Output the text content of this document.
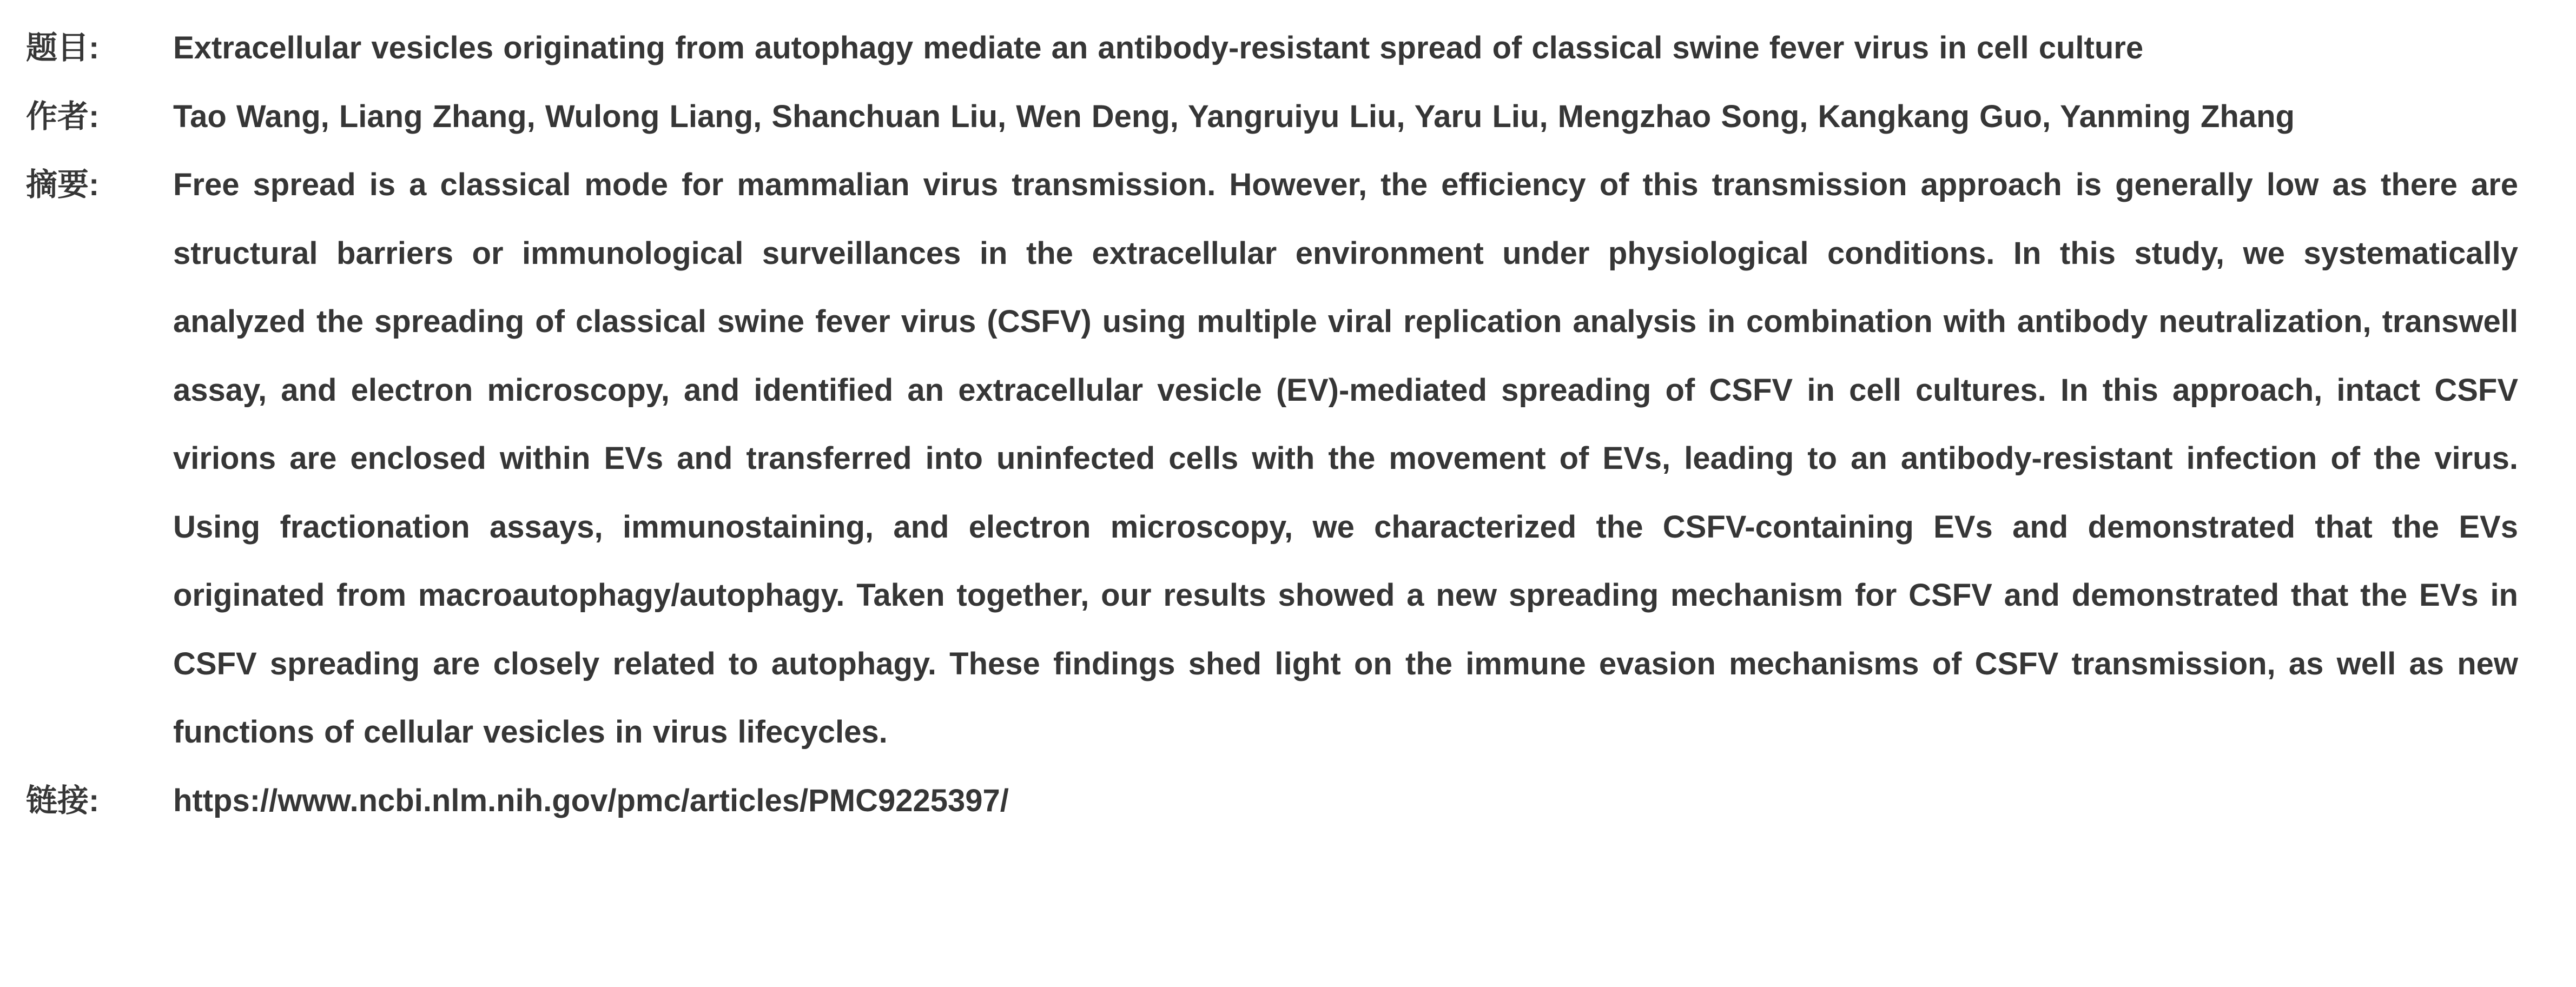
题目:	Extracellular vesicles originating from autophagy mediate an antibody-resistant spread of classical swine fever virus in cell culture

作者:	Tao Wang, Liang Zhang, Wulong Liang, Shanchuan Liu, Wen Deng, Yangruiyu Liu, Yaru Liu, Mengzhao Song, Kangkang Guo, Yanming Zhang

摘要:	Free spread is a classical mode for mammalian virus transmission. However, the efficiency of this transmission approach is generally low as there are structural barriers or immunological surveillances in the extracellular environment under physiological conditions. In this study, we systematically analyzed the spreading of classical swine fever virus (CSFV) using multiple viral replication analysis in combination with antibody neutralization, transwell assay, and electron microscopy, and identified an extracellular vesicle (EV)-mediated spreading of CSFV in cell cultures. In this approach, intact CSFV virions are enclosed within EVs and transferred into uninfected cells with the movement of EVs, leading to an antibody-resistant infection of the virus. Using fractionation assays, immunostaining, and electron microscopy, we characterized the CSFV-containing EVs and demonstrated that the EVs originated from macroautophagy/autophagy. Taken together, our results showed a new spreading mechanism for CSFV and demonstrated that the EVs in CSFV spreading are closely related to autophagy. These findings shed light on the immune evasion mechanisms of CSFV transmission, as well as new functions of cellular vesicles in virus lifecycles.

链接:	https://www.ncbi.nlm.nih.gov/pmc/articles/PMC9225397/
